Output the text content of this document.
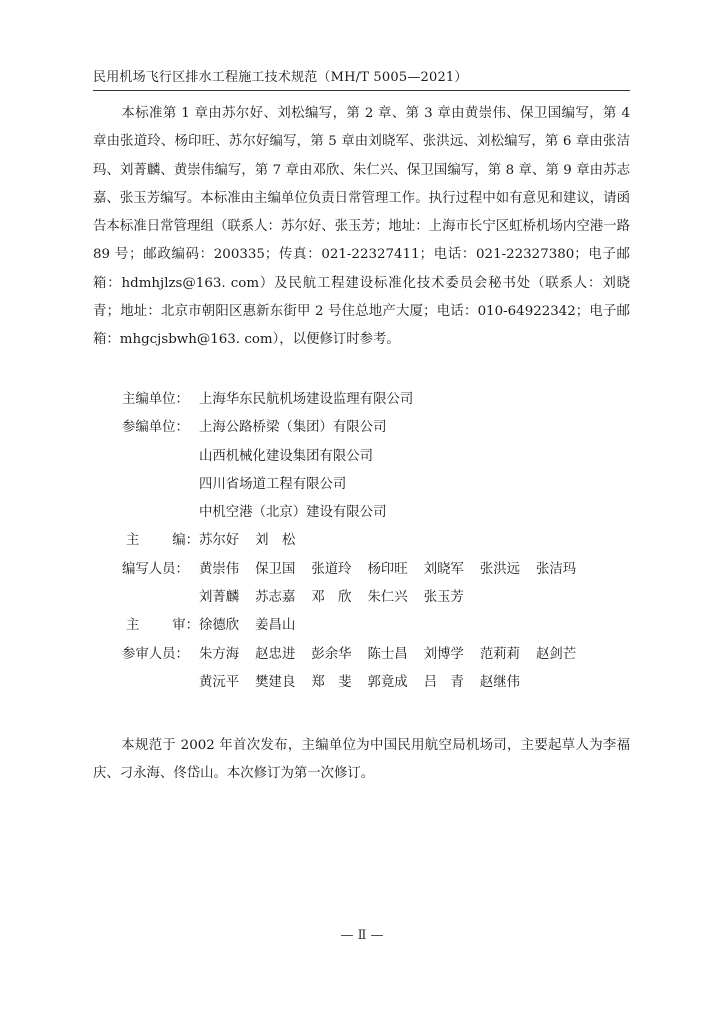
民用机场飞行区排水工程施工技术规范（MH/T 5005—2021）
本标准第 1 章由苏尔好、刘松编写，第 2 章、第 3 章由黄崇伟、保卫国编写，第 4 章由张道玲、杨印旺、苏尔好编写，第 5 章由刘晓军、张洪远、刘松编写，第 6 章由张洁玛、刘菁麟、黄崇伟编写，第 7 章由邓欣、朱仁兴、保卫国编写，第 8 章、第 9 章由苏志嘉、张玉芳编写。本标准由主编单位负责日常管理工作。执行过程中如有意见和建议，请函告本标准日常管理组（联系人：苏尔好、张玉芳；地址：上海市长宁区虹桥机场内空港一路 89 号；邮政编码：200335；传真：021-22327411；电话：021-22327380；电子邮箱：hdmhjlzs@163. com）及民航工程建设标准化技术委员会秘书处（联系人：刘晓青；地址：北京市朝阳区惠新东街甲 2 号住总地产大厦；电话：010-64922342；电子邮箱：mhgcjsbwh@163. com），以便修订时参考。
主编单位： 上海华东民航机场建设监理有限公司
参编单位： 上海公路桥梁（集团）有限公司
山西机械化建设集团有限公司
四川省场道工程有限公司
中机空港（北京）建设有限公司
主 编： 苏尔好 刘　松
编写人员： 黄崇伟 保卫国 张道玲 杨印旺 刘晓军 张洪远 张洁玛
刘菁麟 苏志嘉 邓　欣 朱仁兴 张玉芳
主 审： 徐德欣 姜昌山
参审人员： 朱方海 赵忠进 彭余华 陈士昌 刘博学 范莉莉 赵剑芒
黄沅平 樊建良 郑　斐 郭竟成 吕　青 赵继伟
本规范于 2002 年首次发布，主编单位为中国民用航空局机场司，主要起草人为李福庆、刁永海、佟岱山。本次修订为第一次修订。
— Ⅱ —
